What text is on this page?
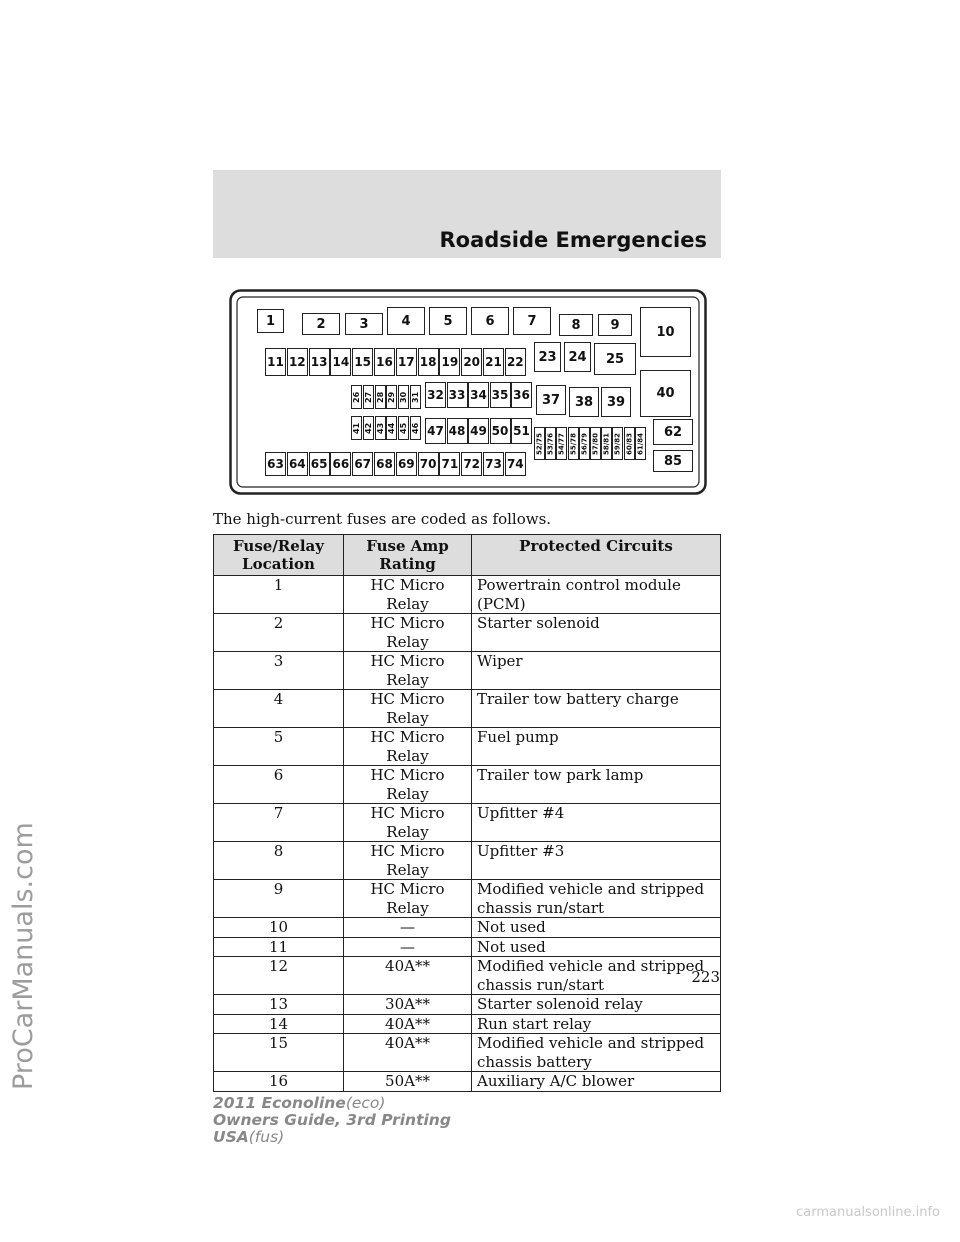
ProCarManuals.com
Roadside Emergencies
1	2	3	4	5	6	7	8	9	10
11 12 13 14 15 16 17 18 19 20 21 22	23 24	25
26 27 28 29 30 31 32 33 34 35 36 37	38	39
40
41 42 43 44 45 46 47 48 49 50 51
52/75 53/76 54/77 55/78 56/79 57/80 58/81 59/82 60/83 61/84
62
85
63 64 65 66 67 68 69 70 71 72 73 74
The high-current fuses are coded as follows.
Fuse/Relay Location	Fuse Amp Rating	Protected Circuits
1	HC Micro Relay	Powertrain control module (PCM)
2	HC Micro Relay	Starter solenoid
3	HC Micro Relay	Wiper
4	HC Micro Relay	Trailer tow battery charge
5	HC Micro Relay	Fuel pump
6	HC Micro Relay	Trailer tow park lamp
7	HC Micro Relay	Upfitter #4
8	HC Micro Relay	Upfitter #3
9	HC Micro Relay	Modified vehicle and stripped chassis run/start
10	—	Not used
11	—	Not used
12	40A**	Modified vehicle and stripped chassis run/start
13	30A**	Starter solenoid relay
14	40A**	Run start relay
15	40A**	Modified vehicle and stripped chassis battery
16	50A**	Auxiliary A/C blower
223
2011 Econoline(eco)
Owners Guide, 3rd Printing
USA(fus)
carmanualsonline.info
